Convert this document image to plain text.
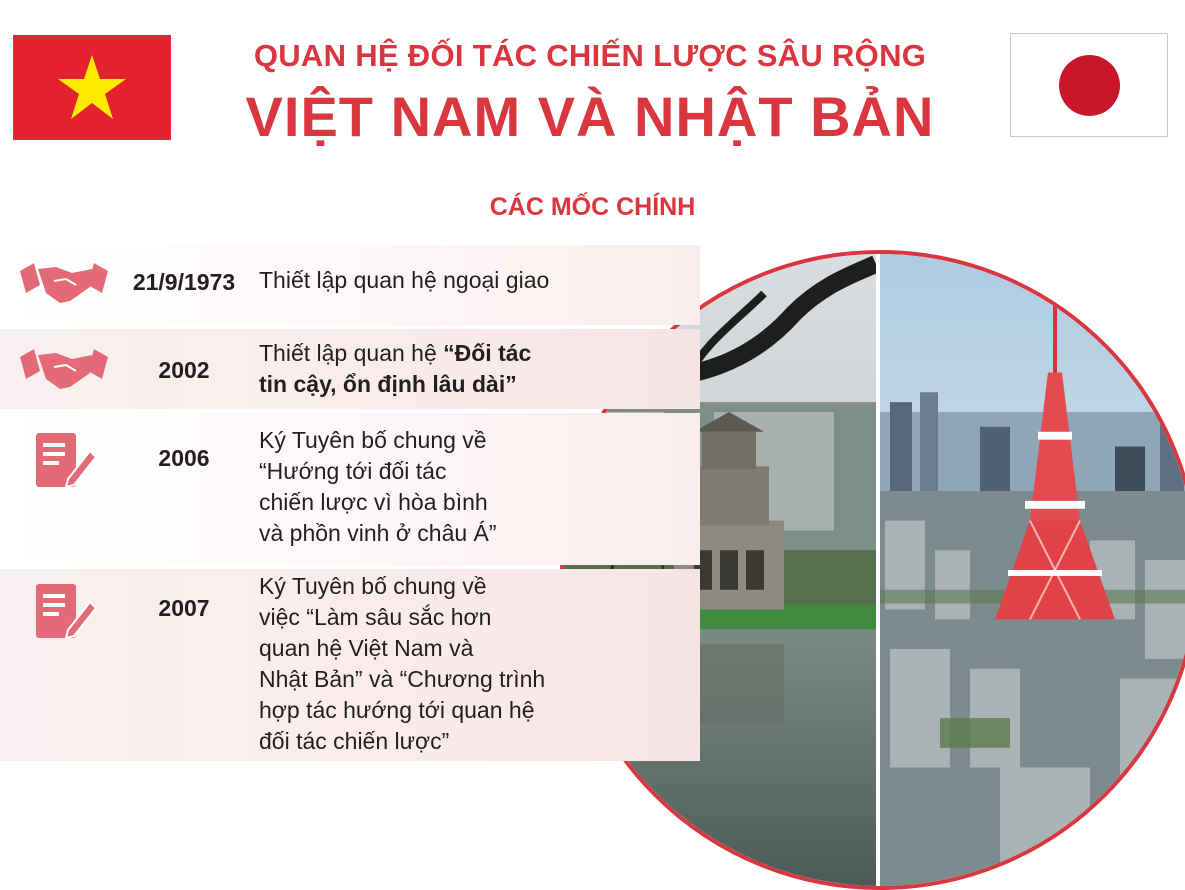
QUAN HỆ ĐỐI TÁC CHIẾN LƯỢC SÂU RỘNG
VIỆT NAM VÀ NHẬT BẢN
CÁC MỐC CHÍNH
21/9/1973	Thiết lập quan hệ ngoại giao
2002
Thiết lập quan hệ “Đối tác
tin cậy, ổn định lâu dài”
2006
Ký Tuyên bố chung về
“Hướng tới đối tác
chiến lược vì hòa bình
và phồn vinh ở châu Á”
2007
Ký Tuyên bố chung về
việc “Làm sâu sắc hơn
quan hệ Việt Nam và
Nhật Bản” và “Chương trình
hợp tác hướng tới quan hệ
đối tác chiến lược”
